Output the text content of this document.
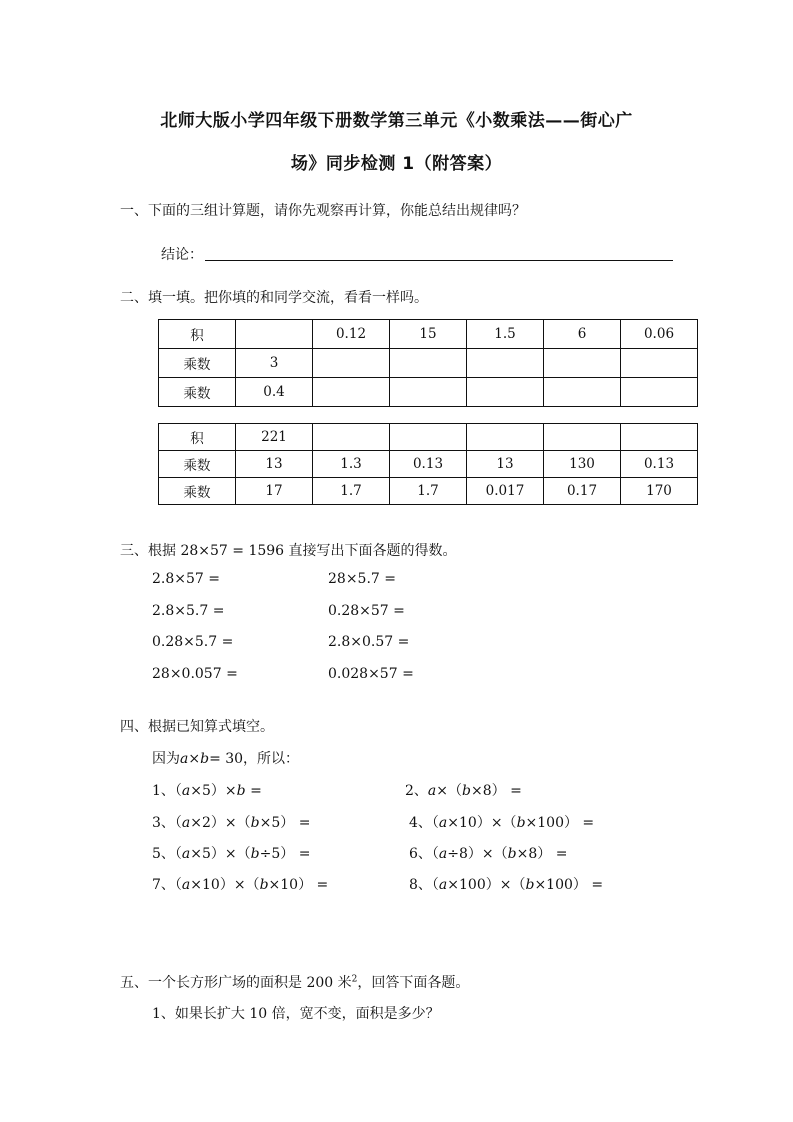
北师大版小学四年级下册数学第三单元《小数乘法——街心广
场》同步检测 1（附答案）
一、下面的三组计算题，请你先观察再计算，你能总结出规律吗？
结论：
二、填一填。把你填的和同学交流，看看一样吗。
积		0.12	15	1.5	6	0.06
乘数	3					
乘数	0.4					
积	221					
乘数	13	1.3	0.13	13	130	0.13
乘数	17	1.7	1.7	0.017	0.17	170
三、根据 28×57 = 1596 直接写出下面各题的得数。
2.8×57 =	28×5.7 =
2.8×5.7 =	0.28×57 =
0.28×5.7 =	2.8×0.57 =
28×0.057 =	0.028×57 =
四、根据已知算式填空。
因为a×b= 30，所以：
1、（a×5）×b =	2、a×（b×8） =
3、（a×2）×（b×5） =	4、（a×10）×（b×100） =
5、（a×5）×（b÷5） =	6、（a÷8）×（b×8） =
7、（a×10）×（b×10） =	8、（a×100）×（b×100） =
五、一个长方形广场的面积是 200 米$^2$，回答下面各题。
1、如果长扩大 10 倍，宽不变，面积是多少？
